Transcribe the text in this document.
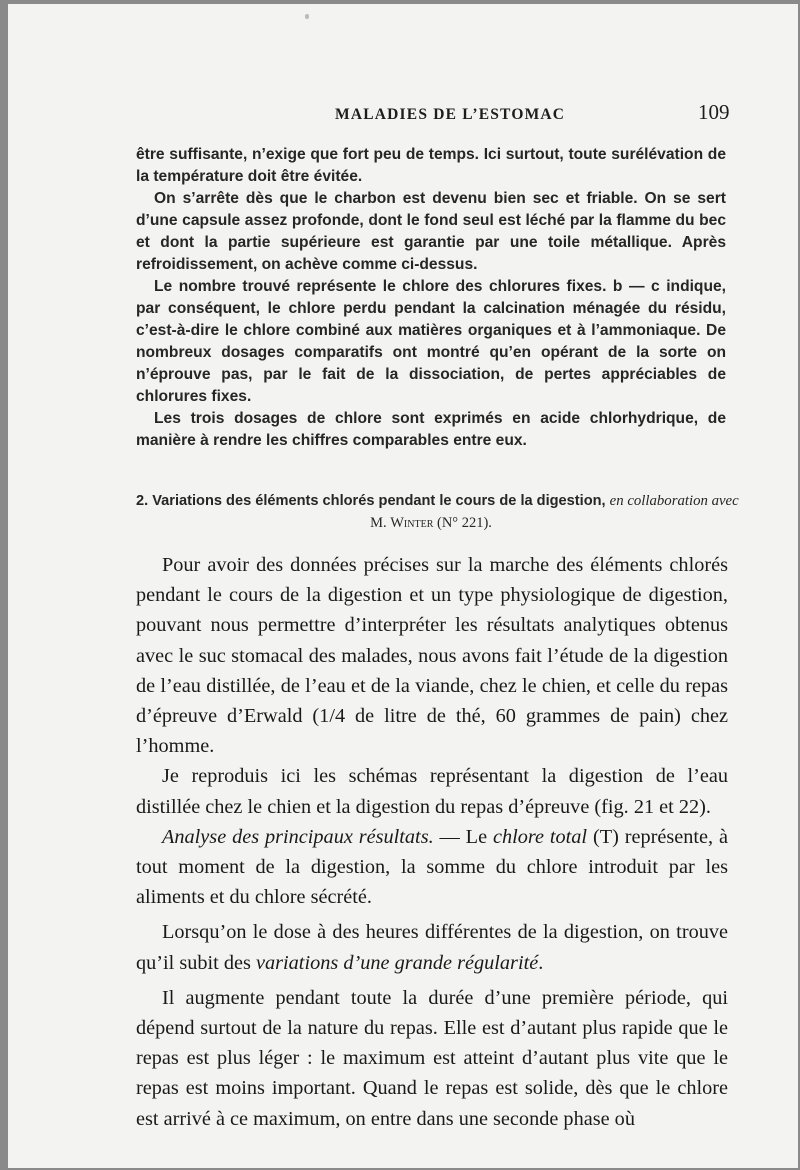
MALADIES DE L’ESTOMAC	109

être suffisante, n’exige que fort peu de temps. Ici surtout, toute surélévation de la température doit être évitée.

On s’arrête dès que le charbon est devenu bien sec et friable. On se sert d’une capsule assez profonde, dont le fond seul est léché par la flamme du bec et dont la partie supérieure est garantie par une toile métallique. Après refroidissement, on achève comme ci-dessus.

Le nombre trouvé représente le chlore des chlorures fixes. b — c indique, par conséquent, le chlore perdu pendant la calcination ménagée du résidu, c’est-à-dire le chlore combiné aux matières organiques et à l’ammoniaque. De nombreux dosages comparatifs ont montré qu’en opérant de la sorte on n’éprouve pas, par le fait de la dissociation, de pertes appréciables de chlorures fixes.

Les trois dosages de chlore sont exprimés en acide chlorhydrique, de manière à rendre les chiffres comparables entre eux.

2. Variations des éléments chlorés pendant le cours de la digestion, en collaboration avec
M. Winter (N° 221).

Pour avoir des données précises sur la marche des éléments chlorés pendant le cours de la digestion et un type physiologique de digestion, pouvant nous permettre d’interpréter les résultats analytiques obtenus avec le suc stomacal des malades, nous avons fait l’étude de la digestion de l’eau distillée, de l’eau et de la viande, chez le chien, et celle du repas d’épreuve d’Erwald (1/4 de litre de thé, 60 grammes de pain) chez l’homme.

Je reproduis ici les schémas représentant la digestion de l’eau distillée chez le chien et la digestion du repas d’épreuve (fig. 21 et 22).

Analyse des principaux résultats. — Le chlore total (T) représente, à tout moment de la digestion, la somme du chlore introduit par les aliments et du chlore sécrété.

Lorsqu’on le dose à des heures différentes de la digestion, on trouve qu’il subit des variations d’une grande régularité.

Il augmente pendant toute la durée d’une première période, qui dépend surtout de la nature du repas. Elle est d’autant plus rapide que le repas est plus léger : le maximum est atteint d’autant plus vite que le repas est moins important. Quand le repas est solide, dès que le chlore est arrivé à ce maximum, on entre dans une seconde phase où
